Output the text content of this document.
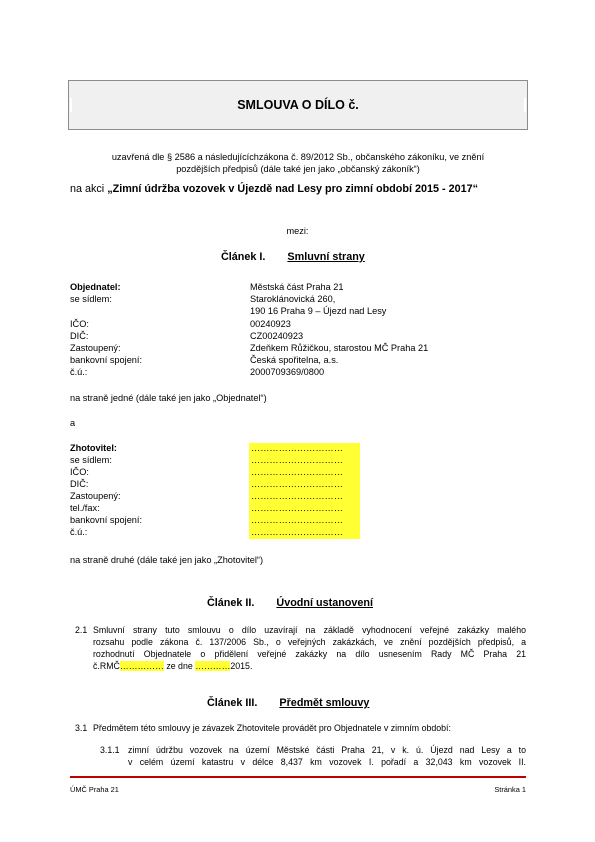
SMLOUVA O DÍLO č.
uzavřená dle § 2586 a následujícíchzákona č. 89/2012 Sb., občanského zákoníku, ve znění
pozdějších předpisů (dále také jen jako „občanský zákoník“)
na akci „Zimní údržba vozovek v Újezdě nad Lesy pro zimní období 2015 - 2017“
mezi:
Článek I. Smluvní strany
Objednatel:	Městská část Praha 21
se sídlem:	Staroklánovická 260,
190 16 Praha 9 – Újezd nad Lesy
IČO:	00240923
DIČ:	CZ00240923
Zastoupený:	Zdeňkem Růžičkou, starostou MČ Praha 21
bankovní spojení:	Česká spořitelna, a.s.
č.ú.:	2000709369/0800
na straně jedné (dále také jen jako „Objednatel“)
a
Zhotovitel:	…………………………
se sídlem:	…………………………
IČO:	…………………………
DIČ:	…………………………
Zastoupený:	…………………………
tel./fax:	…………………………
bankovní spojení:	…………………………
č.ú.:	…………………………
na straně druhé (dále také jen jako „Zhotovitel“)
Článek II. Úvodní ustanovení
2.1 Smluvní strany tuto smlouvu o dílo uzavírají na základě vyhodnocení veřejné zakázky malého
rozsahu podle zákona č. 137/2006 Sb., o veřejných zakázkách, ve znění pozdějších předpisů, a
rozhodnutí Objednatele o přidělení veřejné zakázky na dílo usnesením Rady MČ Praha 21
č.RMČ…………… ze dne …………2015.
Článek III. Předmět smlouvy
3.1 Předmětem této smlouvy je závazek Zhotovitele provádět pro Objednatele v zimním období:
3.1.1 zimní údržbu vozovek na území Městské části Praha 21, v k. ú. Újezd nad Lesy a to
v celém území katastru v délce 8,437 km vozovek I. pořadí a 32,043 km vozovek II.
ÚMČ Praha 21	Stránka 1
